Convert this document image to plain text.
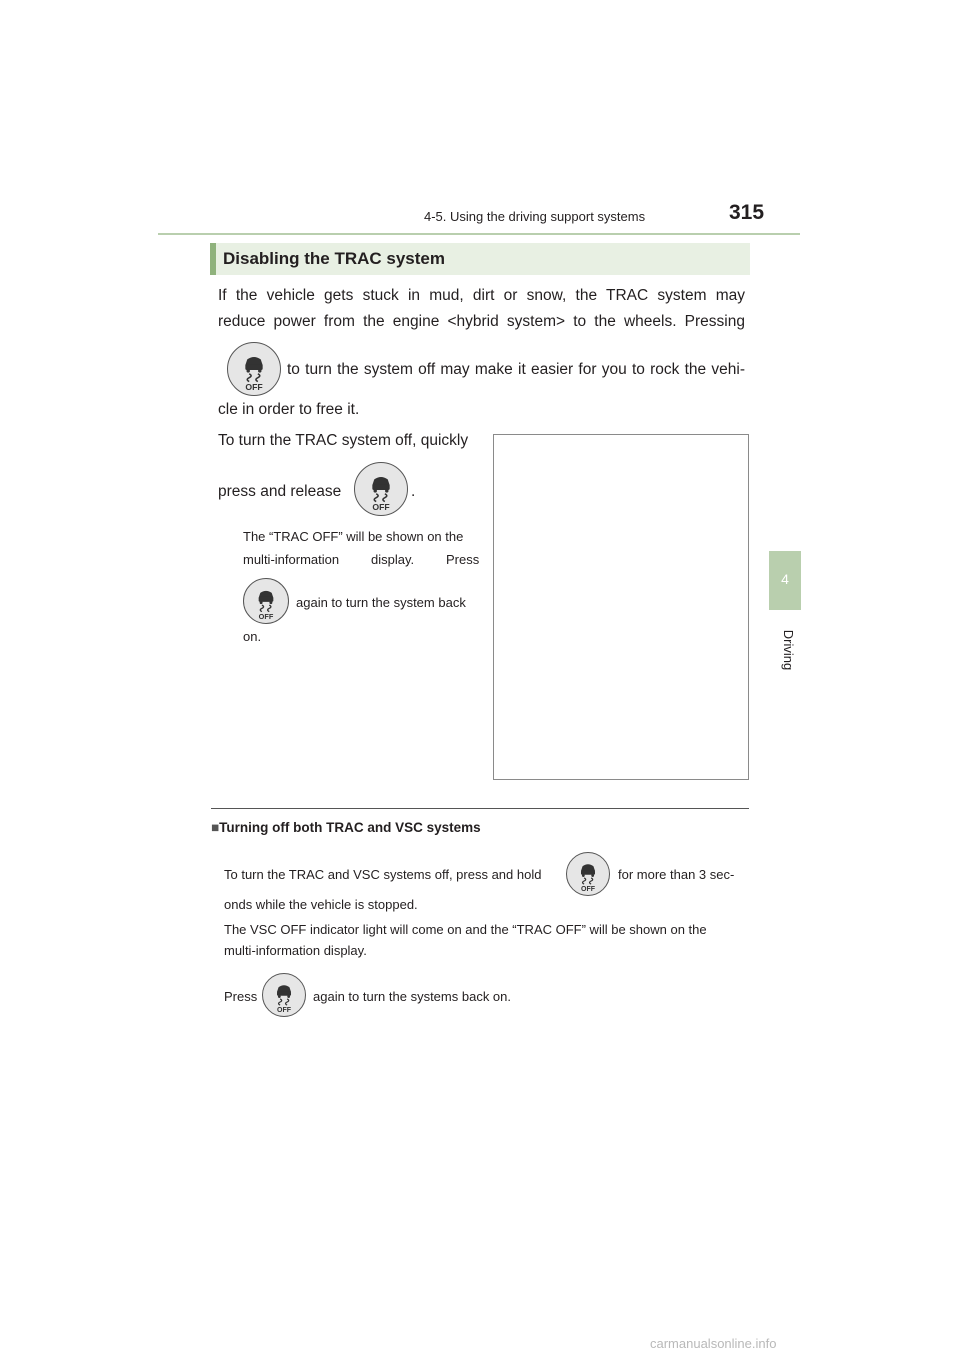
4-5. Using the driving support systems	315
4
Driving
Disabling the TRAC system
If the vehicle gets stuck in mud, dirt or snow, the TRAC system may
reduce power from the engine <hybrid system> to the wheels. Pressing
OFF
to turn the system off may make it easier for you to rock the vehi-
cle in order to free it.
To turn the TRAC system off, quickly
press and release
OFF
.
The “TRAC OFF” will be shown on the
multi-information display. Press
OFF
again to turn the system back
on.
■Turning off both TRAC and VSC systems
To turn the TRAC and VSC systems off, press and hold
OFF
for more than 3 sec-
onds while the vehicle is stopped.
The VSC OFF indicator light will come on and the “TRAC OFF” will be shown on the
multi-information display.
Press
OFF
again to turn the systems back on.
carmanualsonline.info
